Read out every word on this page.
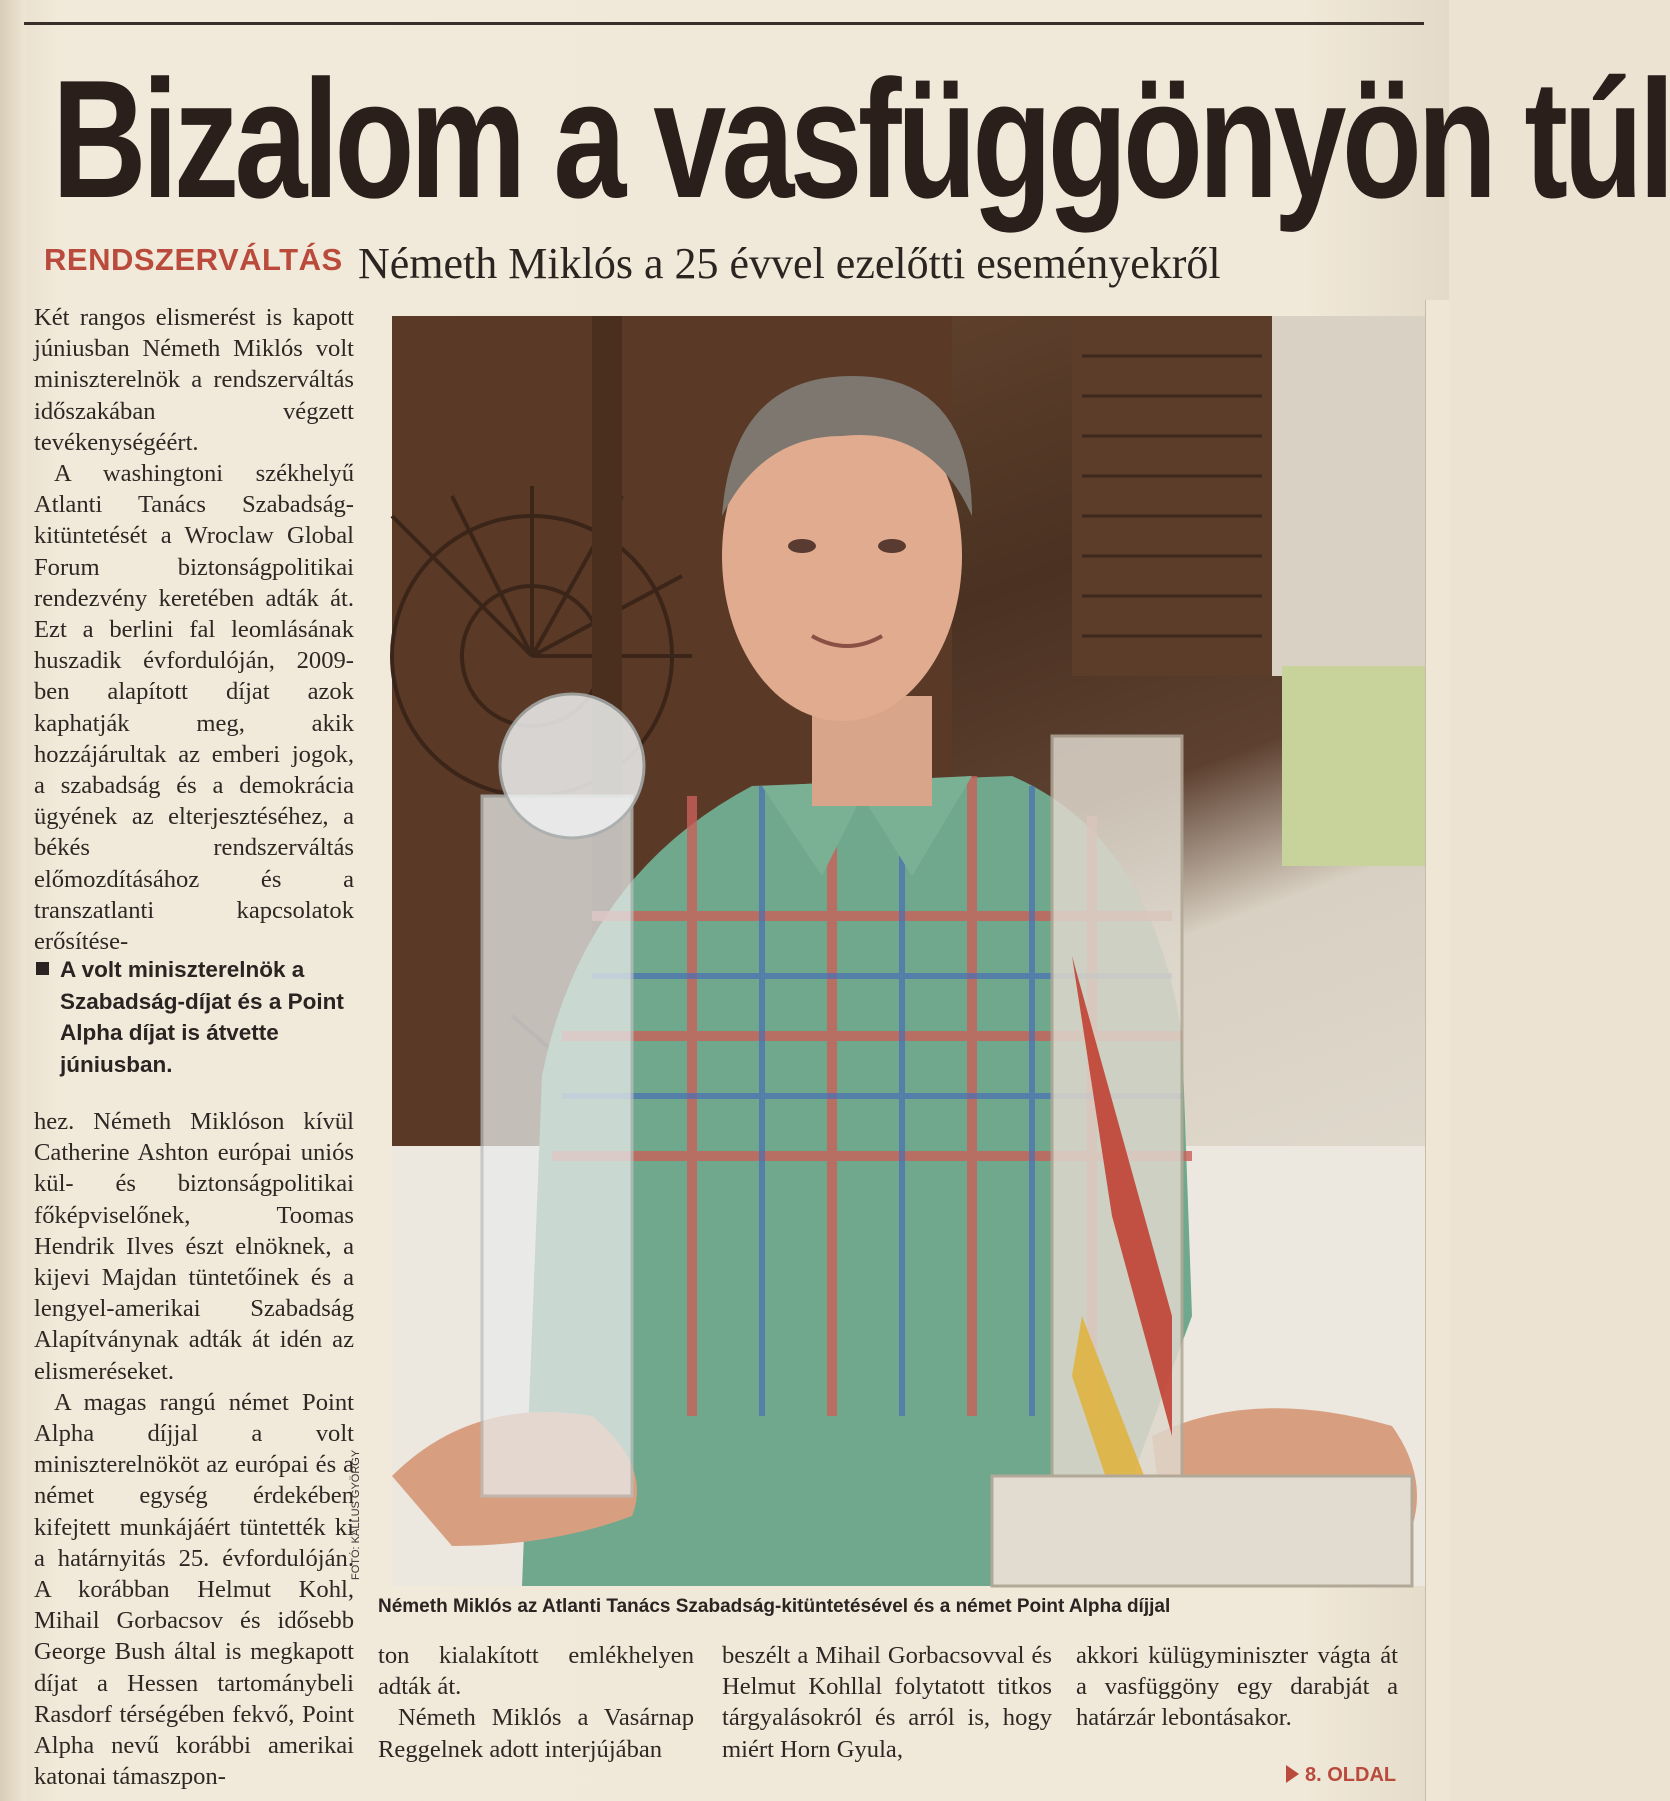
Bizalom a vasfüggönyön túl
RENDSZERVÁLTÁS Németh Miklós a 25 évvel ezelőtti eseményekről

Két rangos elismerést is kapott júniusban Németh Miklós volt miniszterelnök a rendszerváltás időszakában végzett tevékenységéért.

A washingtoni székhelyű Atlanti Tanács Szabadság-kitüntetését a Wroclaw Global Forum biztonságpolitikai rendezvény keretében adták át. Ezt a berlini fal leomlásának huszadik évfordulóján, 2009-ben alapított díjat azok kaphatják meg, akik hozzájárultak az emberi jogok, a szabadság és a demokrácia ügyének az elterjesztéséhez, a békés rendszerváltás előmozdításához és a transzatlanti kapcsolatok erősítése-

A volt miniszterelnök a Szabadság-díjat és a Point Alpha díjat is átvette júniusban.

hez. Németh Miklóson kívül Catherine Ashton európai uniós kül- és biztonságpolitikai főképviselőnek, Toomas Hendrik Ilves észt elnöknek, a kijevi Majdan tüntetőinek és a lengyel-amerikai Szabadság Alapítványnak adták át idén az elismeréseket.

A magas rangú német Point Alpha díjjal a volt miniszterelnököt az európai és a német egység érdekében kifejtett munkájáért tüntették ki a határnyitás 25. évfordulóján. A korábban Helmut Kohl, Mihail Gorbacsov és idősebb George Bush által is megkapott díjat a Hessen tartománybeli Rasdorf térségében fekvő, Point Alpha nevű korábbi amerikai katonai támaszpon-

FOTÓ: KALLUS GYÖRGY
Németh Miklós az Atlanti Tanács Szabadság-kitüntetésével és a német Point Alpha díjjal

ton kialakított emlékhelyen adták át.

Németh Miklós a Vasárnap Reggelnek adott interjújában

beszélt a Mihail Gorbacsovval és Helmut Kohllal folytatott titkos tárgyalásokról és arról is, hogy miért Horn Gyula,

akkori külügyminiszter vágta át a vasfüggöny egy darabját a határzár lebontásakor.

8. OLDAL
